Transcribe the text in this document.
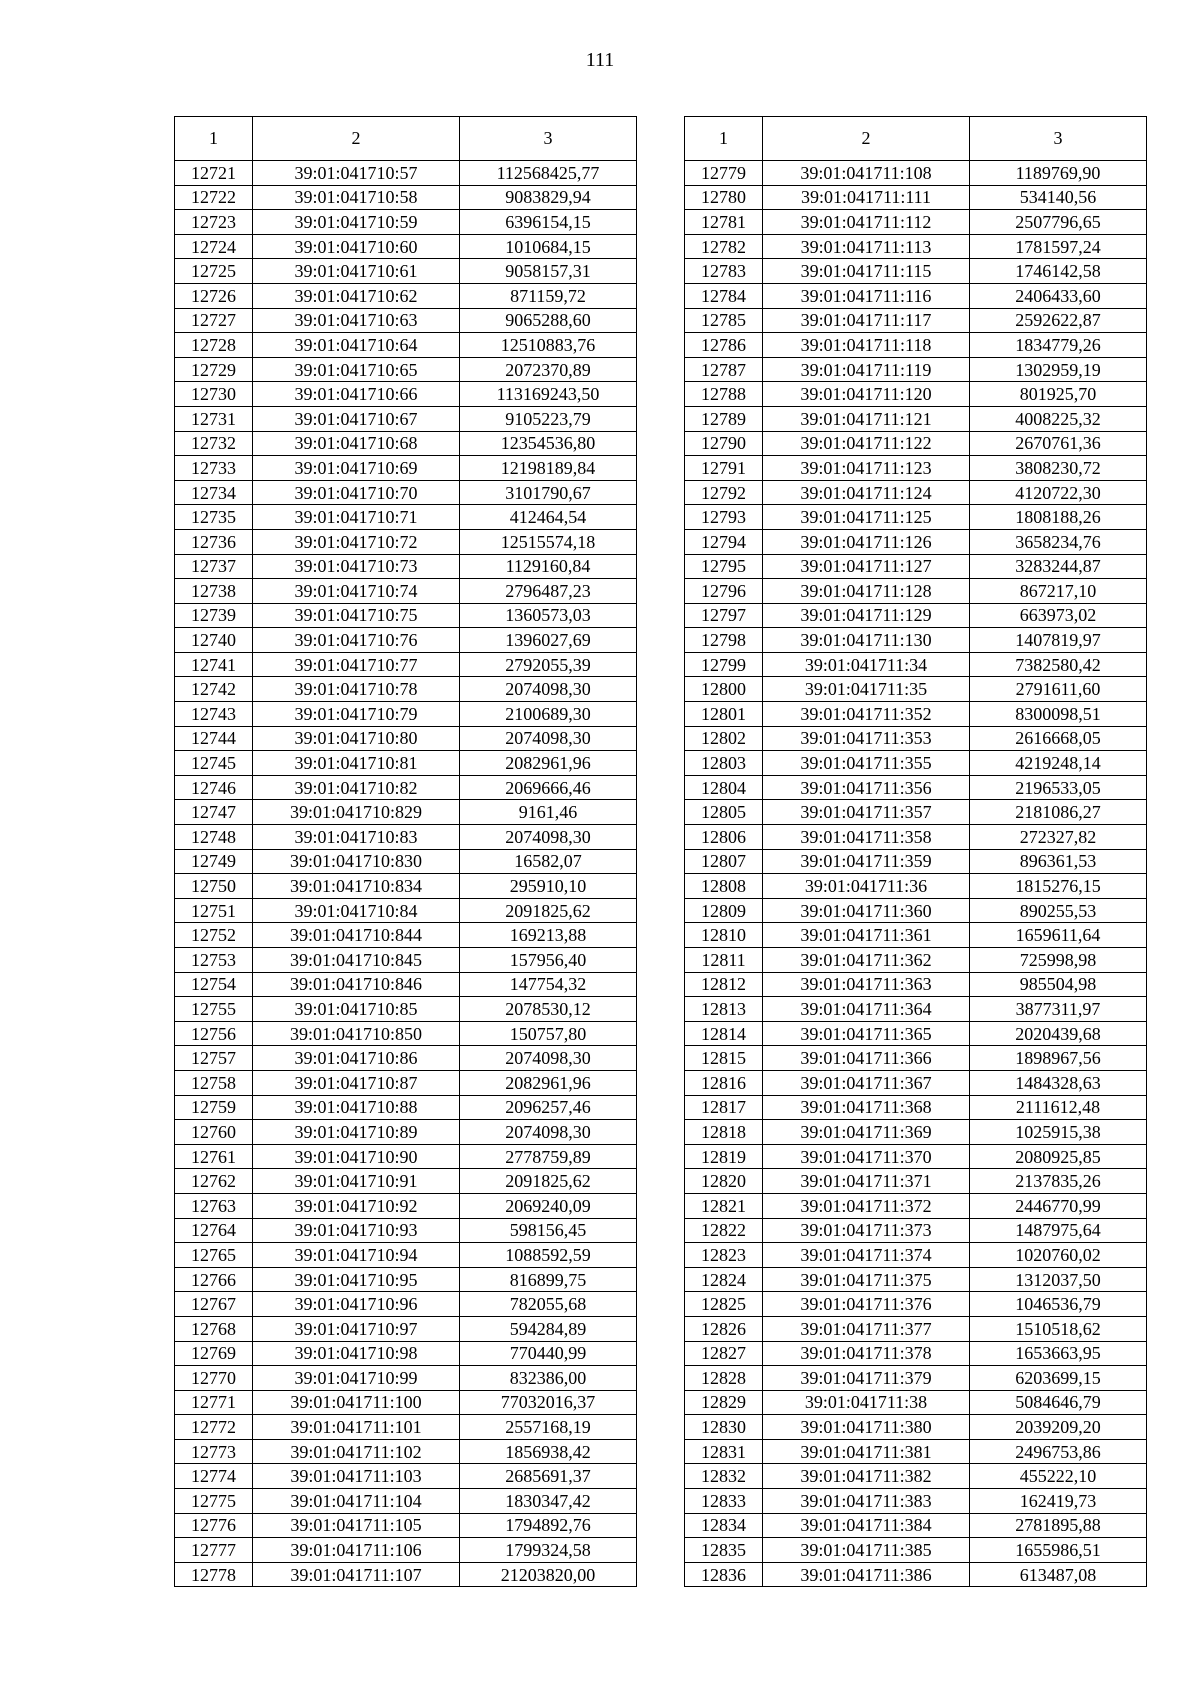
111
1	2	3
12721	39:01:041710:57	112568425,77
12722	39:01:041710:58	9083829,94
12723	39:01:041710:59	6396154,15
12724	39:01:041710:60	1010684,15
12725	39:01:041710:61	9058157,31
12726	39:01:041710:62	871159,72
12727	39:01:041710:63	9065288,60
12728	39:01:041710:64	12510883,76
12729	39:01:041710:65	2072370,89
12730	39:01:041710:66	113169243,50
12731	39:01:041710:67	9105223,79
12732	39:01:041710:68	12354536,80
12733	39:01:041710:69	12198189,84
12734	39:01:041710:70	3101790,67
12735	39:01:041710:71	412464,54
12736	39:01:041710:72	12515574,18
12737	39:01:041710:73	1129160,84
12738	39:01:041710:74	2796487,23
12739	39:01:041710:75	1360573,03
12740	39:01:041710:76	1396027,69
12741	39:01:041710:77	2792055,39
12742	39:01:041710:78	2074098,30
12743	39:01:041710:79	2100689,30
12744	39:01:041710:80	2074098,30
12745	39:01:041710:81	2082961,96
12746	39:01:041710:82	2069666,46
12747	39:01:041710:829	9161,46
12748	39:01:041710:83	2074098,30
12749	39:01:041710:830	16582,07
12750	39:01:041710:834	295910,10
12751	39:01:041710:84	2091825,62
12752	39:01:041710:844	169213,88
12753	39:01:041710:845	157956,40
12754	39:01:041710:846	147754,32
12755	39:01:041710:85	2078530,12
12756	39:01:041710:850	150757,80
12757	39:01:041710:86	2074098,30
12758	39:01:041710:87	2082961,96
12759	39:01:041710:88	2096257,46
12760	39:01:041710:89	2074098,30
12761	39:01:041710:90	2778759,89
12762	39:01:041710:91	2091825,62
12763	39:01:041710:92	2069240,09
12764	39:01:041710:93	598156,45
12765	39:01:041710:94	1088592,59
12766	39:01:041710:95	816899,75
12767	39:01:041710:96	782055,68
12768	39:01:041710:97	594284,89
12769	39:01:041710:98	770440,99
12770	39:01:041710:99	832386,00
12771	39:01:041711:100	77032016,37
12772	39:01:041711:101	2557168,19
12773	39:01:041711:102	1856938,42
12774	39:01:041711:103	2685691,37
12775	39:01:041711:104	1830347,42
12776	39:01:041711:105	1794892,76
12777	39:01:041711:106	1799324,58
12778	39:01:041711:107	21203820,00
1	2	3
12779	39:01:041711:108	1189769,90
12780	39:01:041711:111	534140,56
12781	39:01:041711:112	2507796,65
12782	39:01:041711:113	1781597,24
12783	39:01:041711:115	1746142,58
12784	39:01:041711:116	2406433,60
12785	39:01:041711:117	2592622,87
12786	39:01:041711:118	1834779,26
12787	39:01:041711:119	1302959,19
12788	39:01:041711:120	801925,70
12789	39:01:041711:121	4008225,32
12790	39:01:041711:122	2670761,36
12791	39:01:041711:123	3808230,72
12792	39:01:041711:124	4120722,30
12793	39:01:041711:125	1808188,26
12794	39:01:041711:126	3658234,76
12795	39:01:041711:127	3283244,87
12796	39:01:041711:128	867217,10
12797	39:01:041711:129	663973,02
12798	39:01:041711:130	1407819,97
12799	39:01:041711:34	7382580,42
12800	39:01:041711:35	2791611,60
12801	39:01:041711:352	8300098,51
12802	39:01:041711:353	2616668,05
12803	39:01:041711:355	4219248,14
12804	39:01:041711:356	2196533,05
12805	39:01:041711:357	2181086,27
12806	39:01:041711:358	272327,82
12807	39:01:041711:359	896361,53
12808	39:01:041711:36	1815276,15
12809	39:01:041711:360	890255,53
12810	39:01:041711:361	1659611,64
12811	39:01:041711:362	725998,98
12812	39:01:041711:363	985504,98
12813	39:01:041711:364	3877311,97
12814	39:01:041711:365	2020439,68
12815	39:01:041711:366	1898967,56
12816	39:01:041711:367	1484328,63
12817	39:01:041711:368	2111612,48
12818	39:01:041711:369	1025915,38
12819	39:01:041711:370	2080925,85
12820	39:01:041711:371	2137835,26
12821	39:01:041711:372	2446770,99
12822	39:01:041711:373	1487975,64
12823	39:01:041711:374	1020760,02
12824	39:01:041711:375	1312037,50
12825	39:01:041711:376	1046536,79
12826	39:01:041711:377	1510518,62
12827	39:01:041711:378	1653663,95
12828	39:01:041711:379	6203699,15
12829	39:01:041711:38	5084646,79
12830	39:01:041711:380	2039209,20
12831	39:01:041711:381	2496753,86
12832	39:01:041711:382	455222,10
12833	39:01:041711:383	162419,73
12834	39:01:041711:384	2781895,88
12835	39:01:041711:385	1655986,51
12836	39:01:041711:386	613487,08
